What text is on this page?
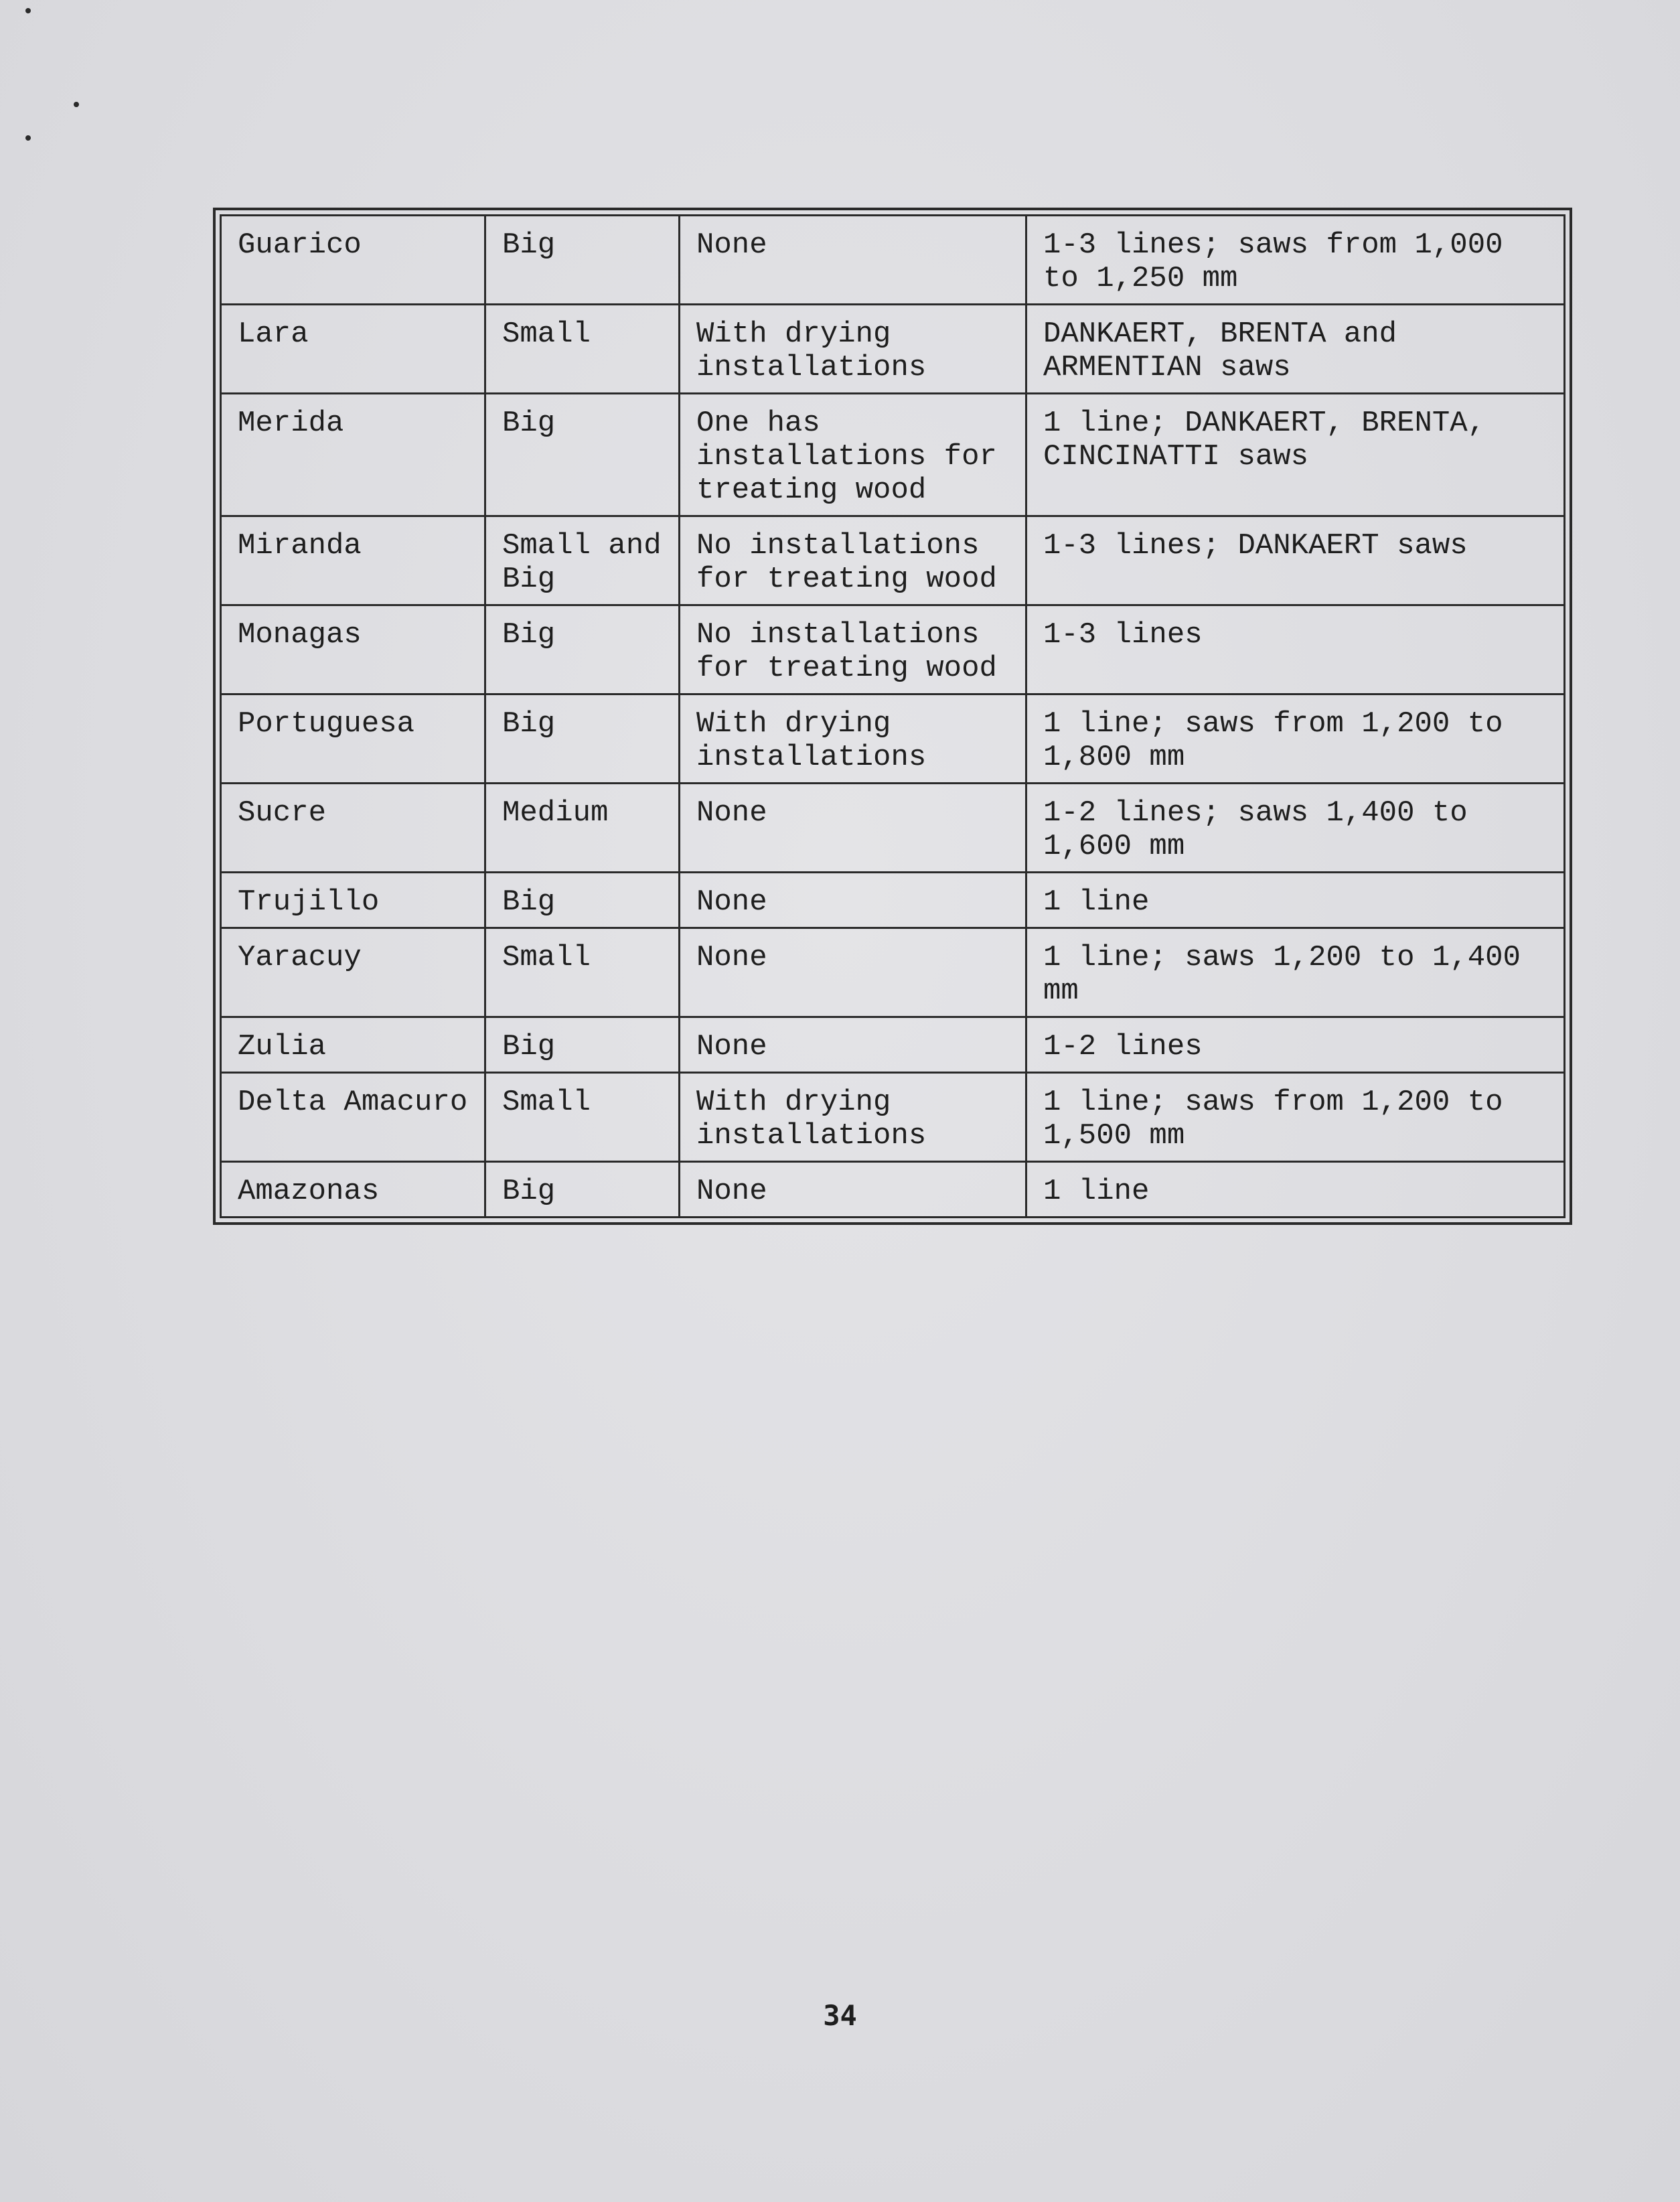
Guarico	Big	None	1-3 lines; saws from 1,000 to 1,250 mm
Lara	Small	With drying installations	DANKAERT, BRENTA and ARMENTIAN saws
Merida	Big	One has installations for treating wood	1 line; DANKAERT, BRENTA, CINCINATTI saws
Miranda	Small and Big	No installations for treating wood	1-3 lines; DANKAERT saws
Monagas	Big	No installations for treating wood	1-3 lines
Portuguesa	Big	With drying installations	1 line; saws from 1,200 to 1,800 mm
Sucre	Medium	None	1-2 lines; saws 1,400 to 1,600 mm
Trujillo	Big	None	1 line
Yaracuy	Small	None	1 line; saws 1,200 to 1,400 mm
Zulia	Big	None	1-2 lines
Delta Amacuro	Small	With drying installations	1 line; saws from 1,200 to 1,500 mm
Amazonas	Big	None	1 line
34
